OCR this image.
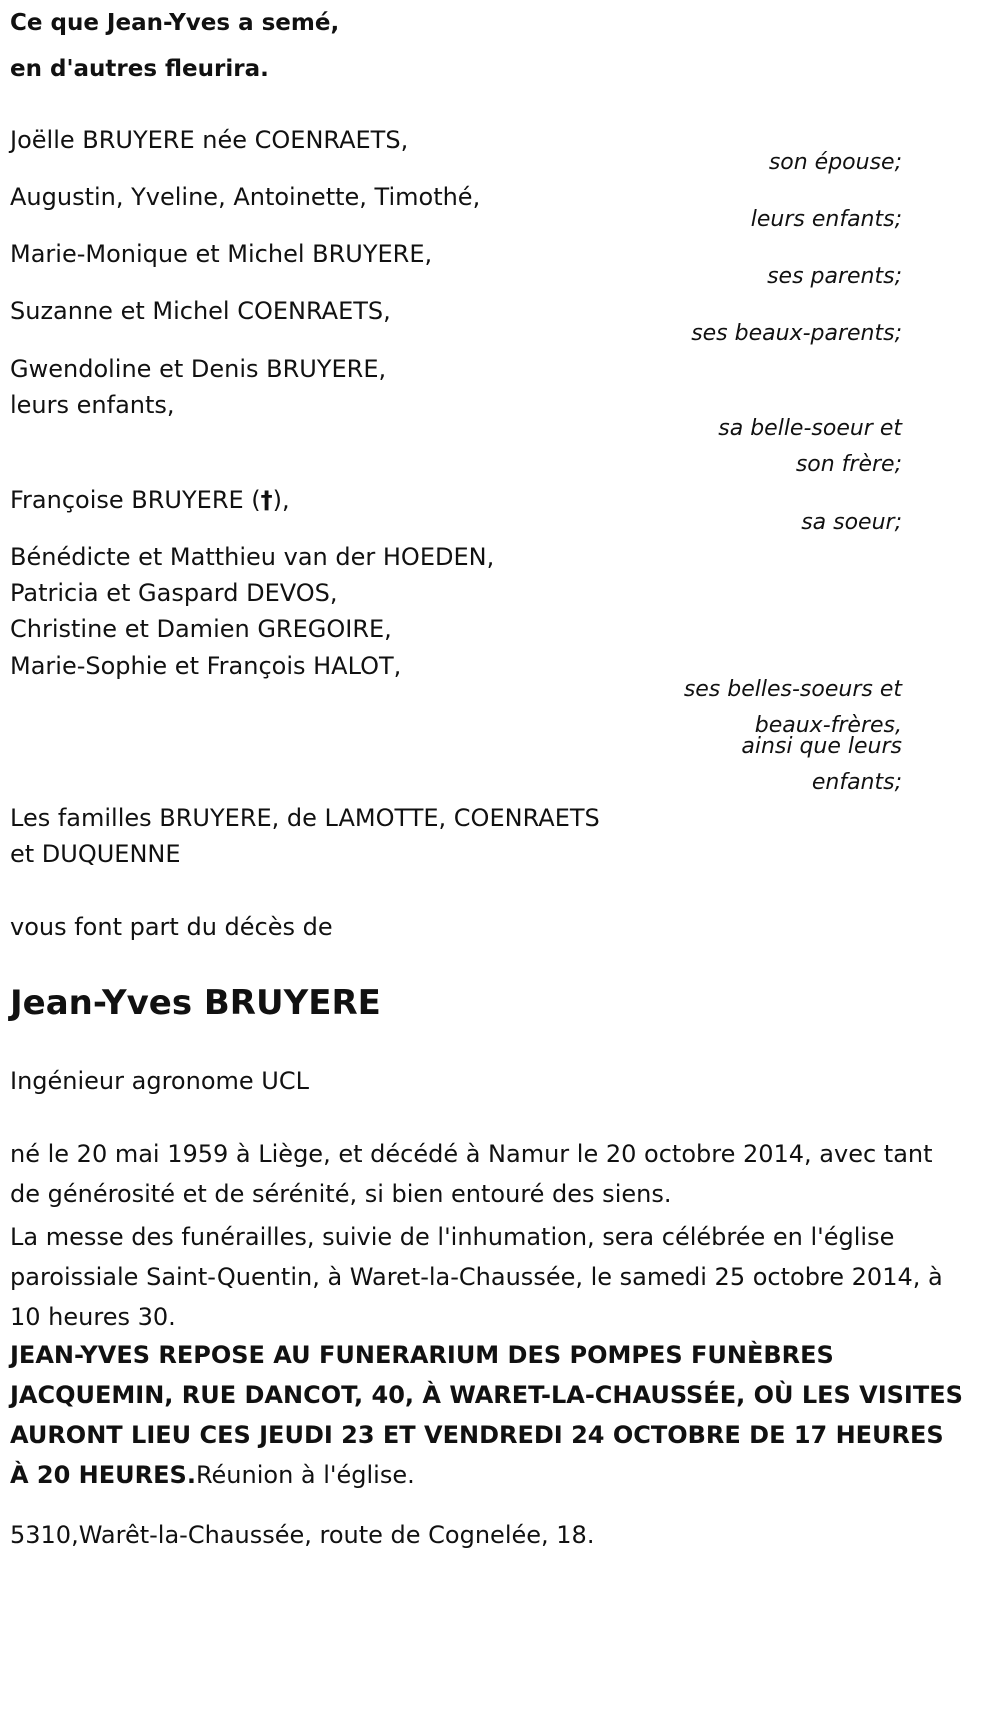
Ce que Jean-Yves a semé,
en d'autres fleurira.
Joëlle BRUYERE née COENRAETS,
son épouse;
Augustin, Yveline, Antoinette, Timothé,
leurs enfants;
Marie-Monique et Michel BRUYERE,
ses parents;
Suzanne et Michel COENRAETS,
ses beaux-parents;
Gwendoline et Denis BRUYERE,
leurs enfants,
sa belle-soeur et
son frère;
Françoise BRUYERE (†),
sa soeur;
Bénédicte et Matthieu van der HOEDEN,
Patricia et Gaspard DEVOS,
Christine et Damien GREGOIRE,
Marie-Sophie et François HALOT,
ses belles-soeurs et
beaux-frères,
ainsi que leurs
enfants;
Les familles BRUYERE, de LAMOTTE, COENRAETS
et DUQUENNE
vous font part du décès de
Jean-Yves BRUYERE
Ingénieur agronome UCL
né le 20 mai 1959 à Liège, et décédé à Namur le 20 octobre 2014, avec tant de générosité et de sérénité, si bien entouré des siens.
La messe des funérailles, suivie de l'inhumation, sera célébrée en l'église paroissiale Saint-Quentin, à Waret-la-Chaussée, le samedi 25 octobre 2014, à 10 heures 30.
JEAN-YVES REPOSE AU FUNERARIUM DES POMPES FUNÈBRES JACQUEMIN, RUE DANCOT, 40, À WARET-LA-CHAUSSÉE, OÙ LES VISITES AURONT LIEU CES JEUDI 23 ET VENDREDI 24 OCTOBRE DE 17 HEURES À 20 HEURES.Réunion à l'église.
5310,Warêt-la-Chaussée, route de Cognelée, 18.
